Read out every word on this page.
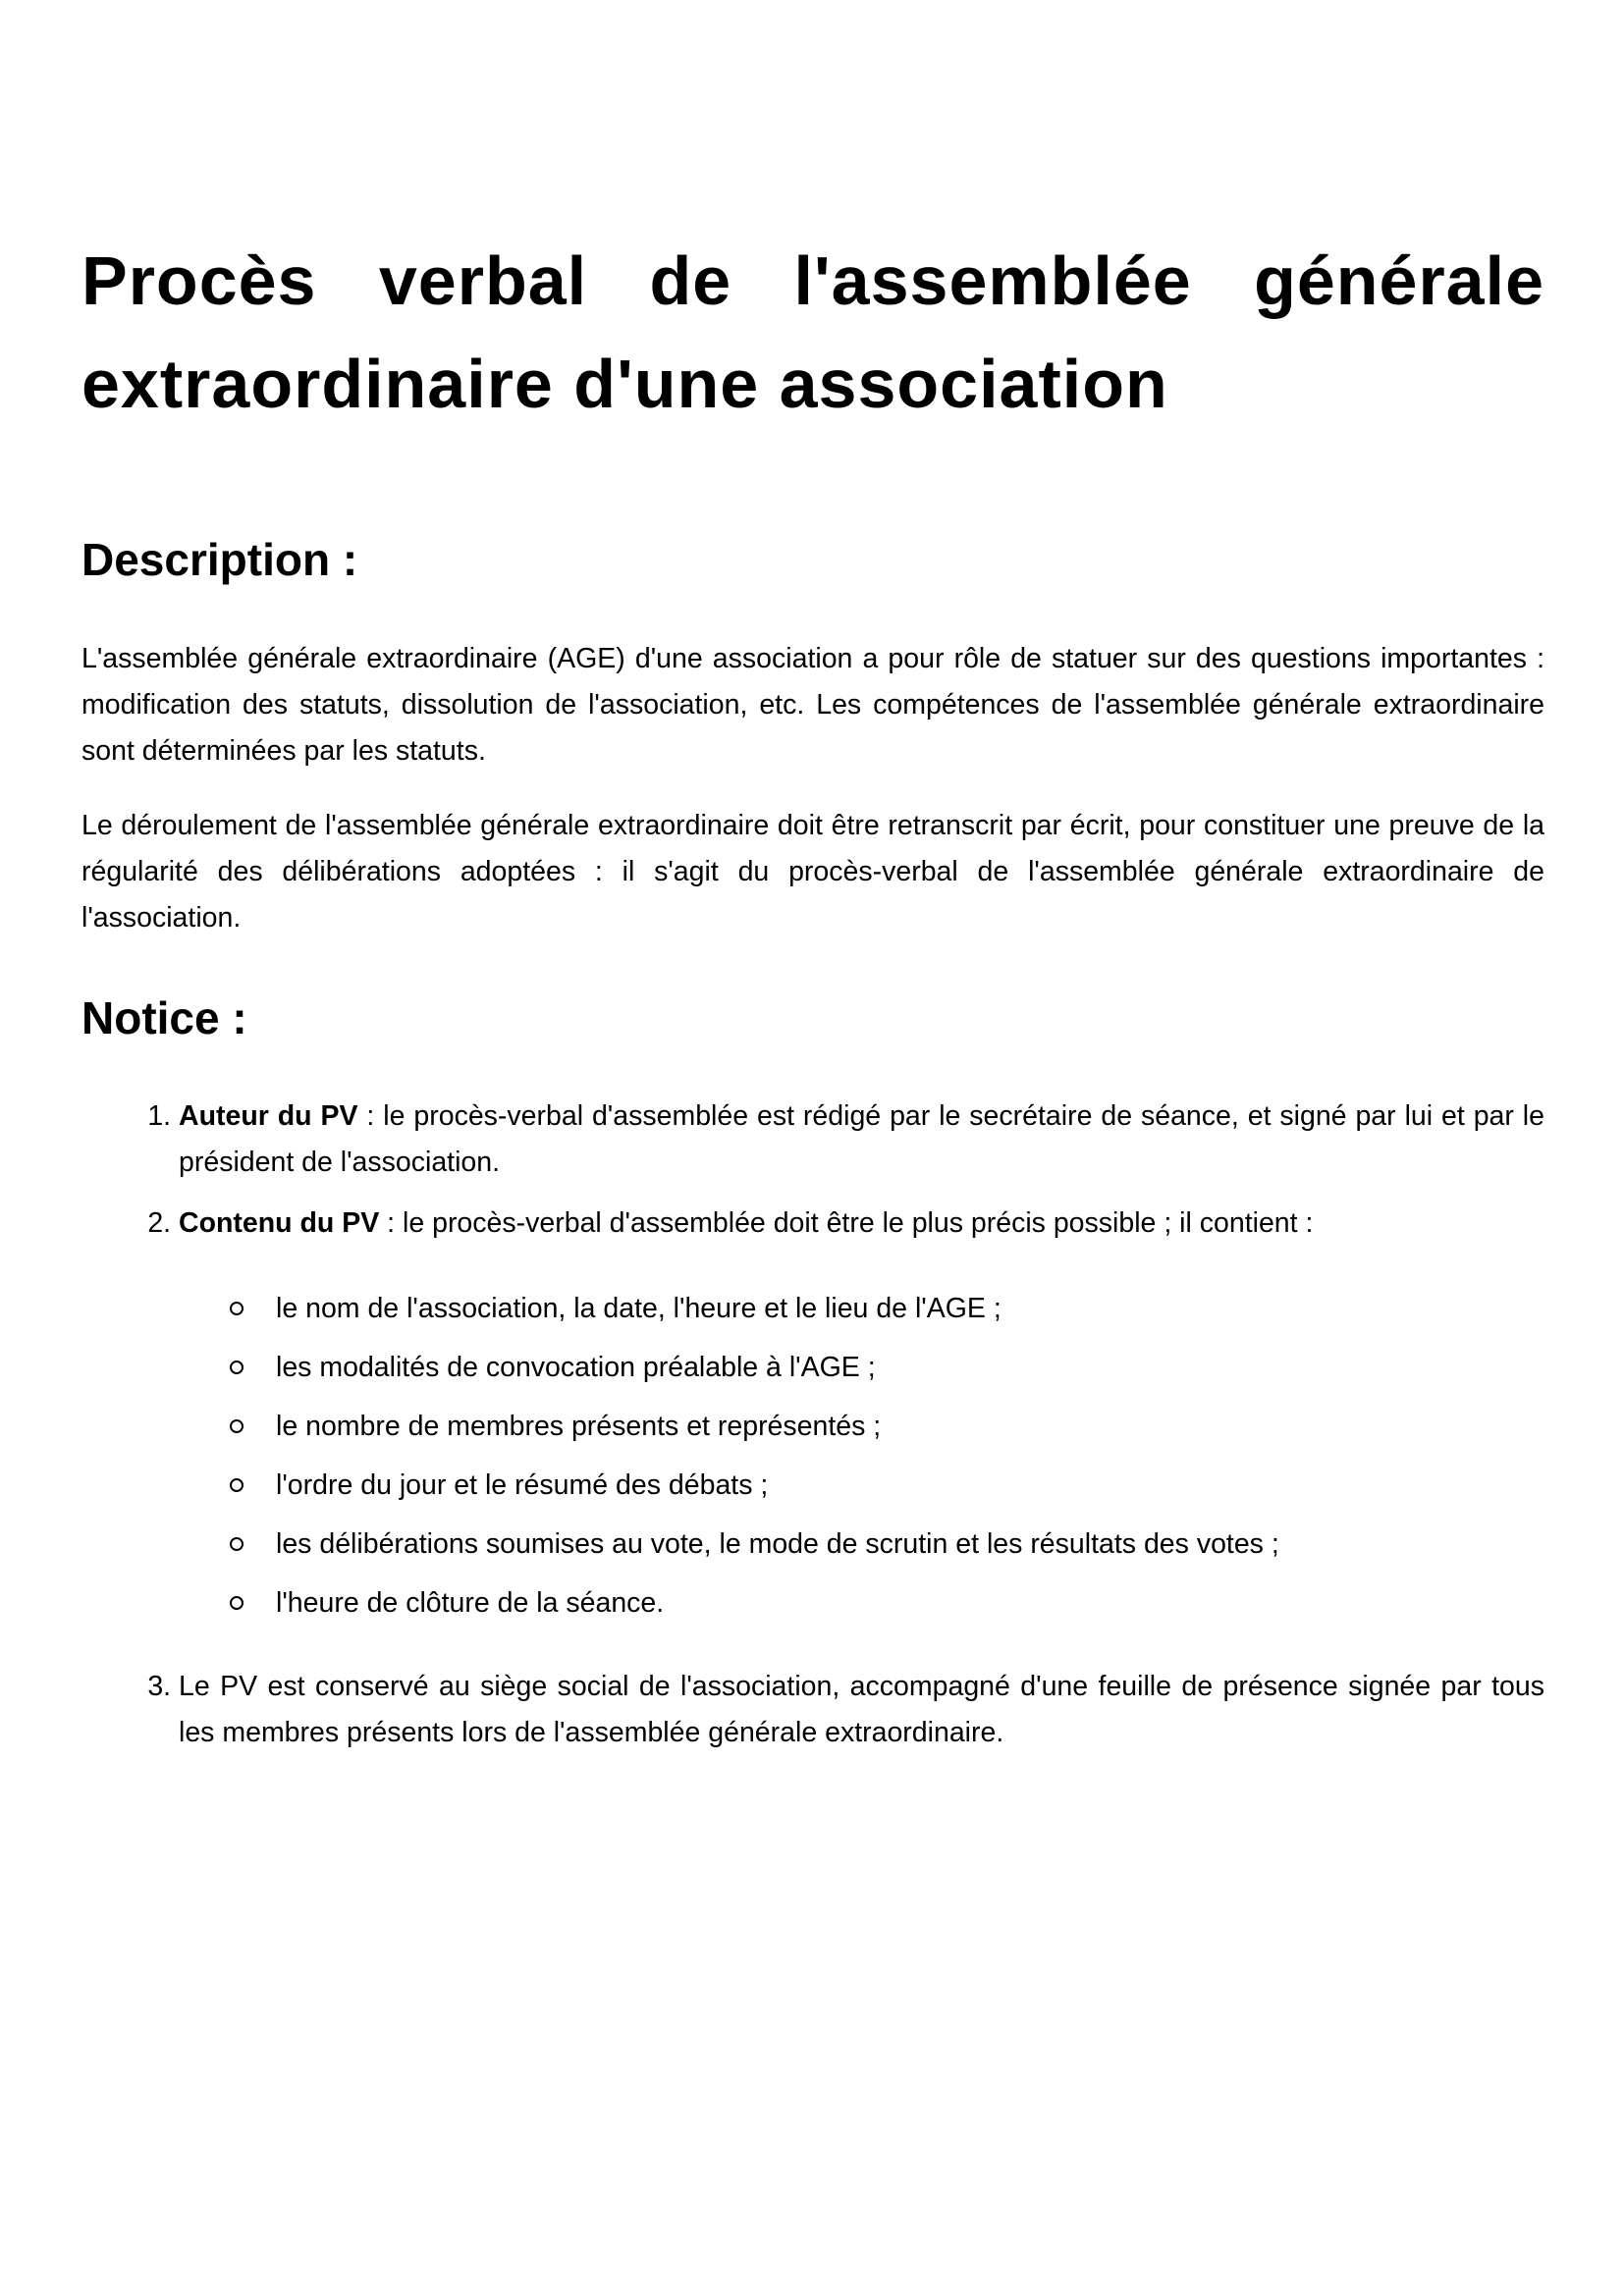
Procès verbal de l'assemblée générale extraordinaire d'une association
Description :

L'assemblée générale extraordinaire (AGE) d'une association a pour rôle de statuer sur des questions importantes : modification des statuts, dissolution de l'association, etc. Les compétences de l'assemblée générale extraordinaire sont déterminées par les statuts.

Le déroulement de l'assemblée générale extraordinaire doit être retranscrit par écrit, pour constituer une preuve de la régularité des délibérations adoptées : il s'agit du procès-verbal de l'assemblée générale extraordinaire de l'association.

Notice :
1. Auteur du PV : le procès-verbal d'assemblée est rédigé par le secrétaire de séance, et signé par lui et par le président de l'association.
2. Contenu du PV : le procès-verbal d'assemblée doit être le plus précis possible ; il contient :
le nom de l'association, la date, l'heure et le lieu de l'AGE ;
les modalités de convocation préalable à l'AGE ;
le nombre de membres présents et représentés ;
l'ordre du jour et le résumé des débats ;
les délibérations soumises au vote, le mode de scrutin et les résultats des votes ;
l'heure de clôture de la séance.
3. Le PV est conservé au siège social de l'association, accompagné d'une feuille de présence signée par tous les membres présents lors de l'assemblée générale extraordinaire.
